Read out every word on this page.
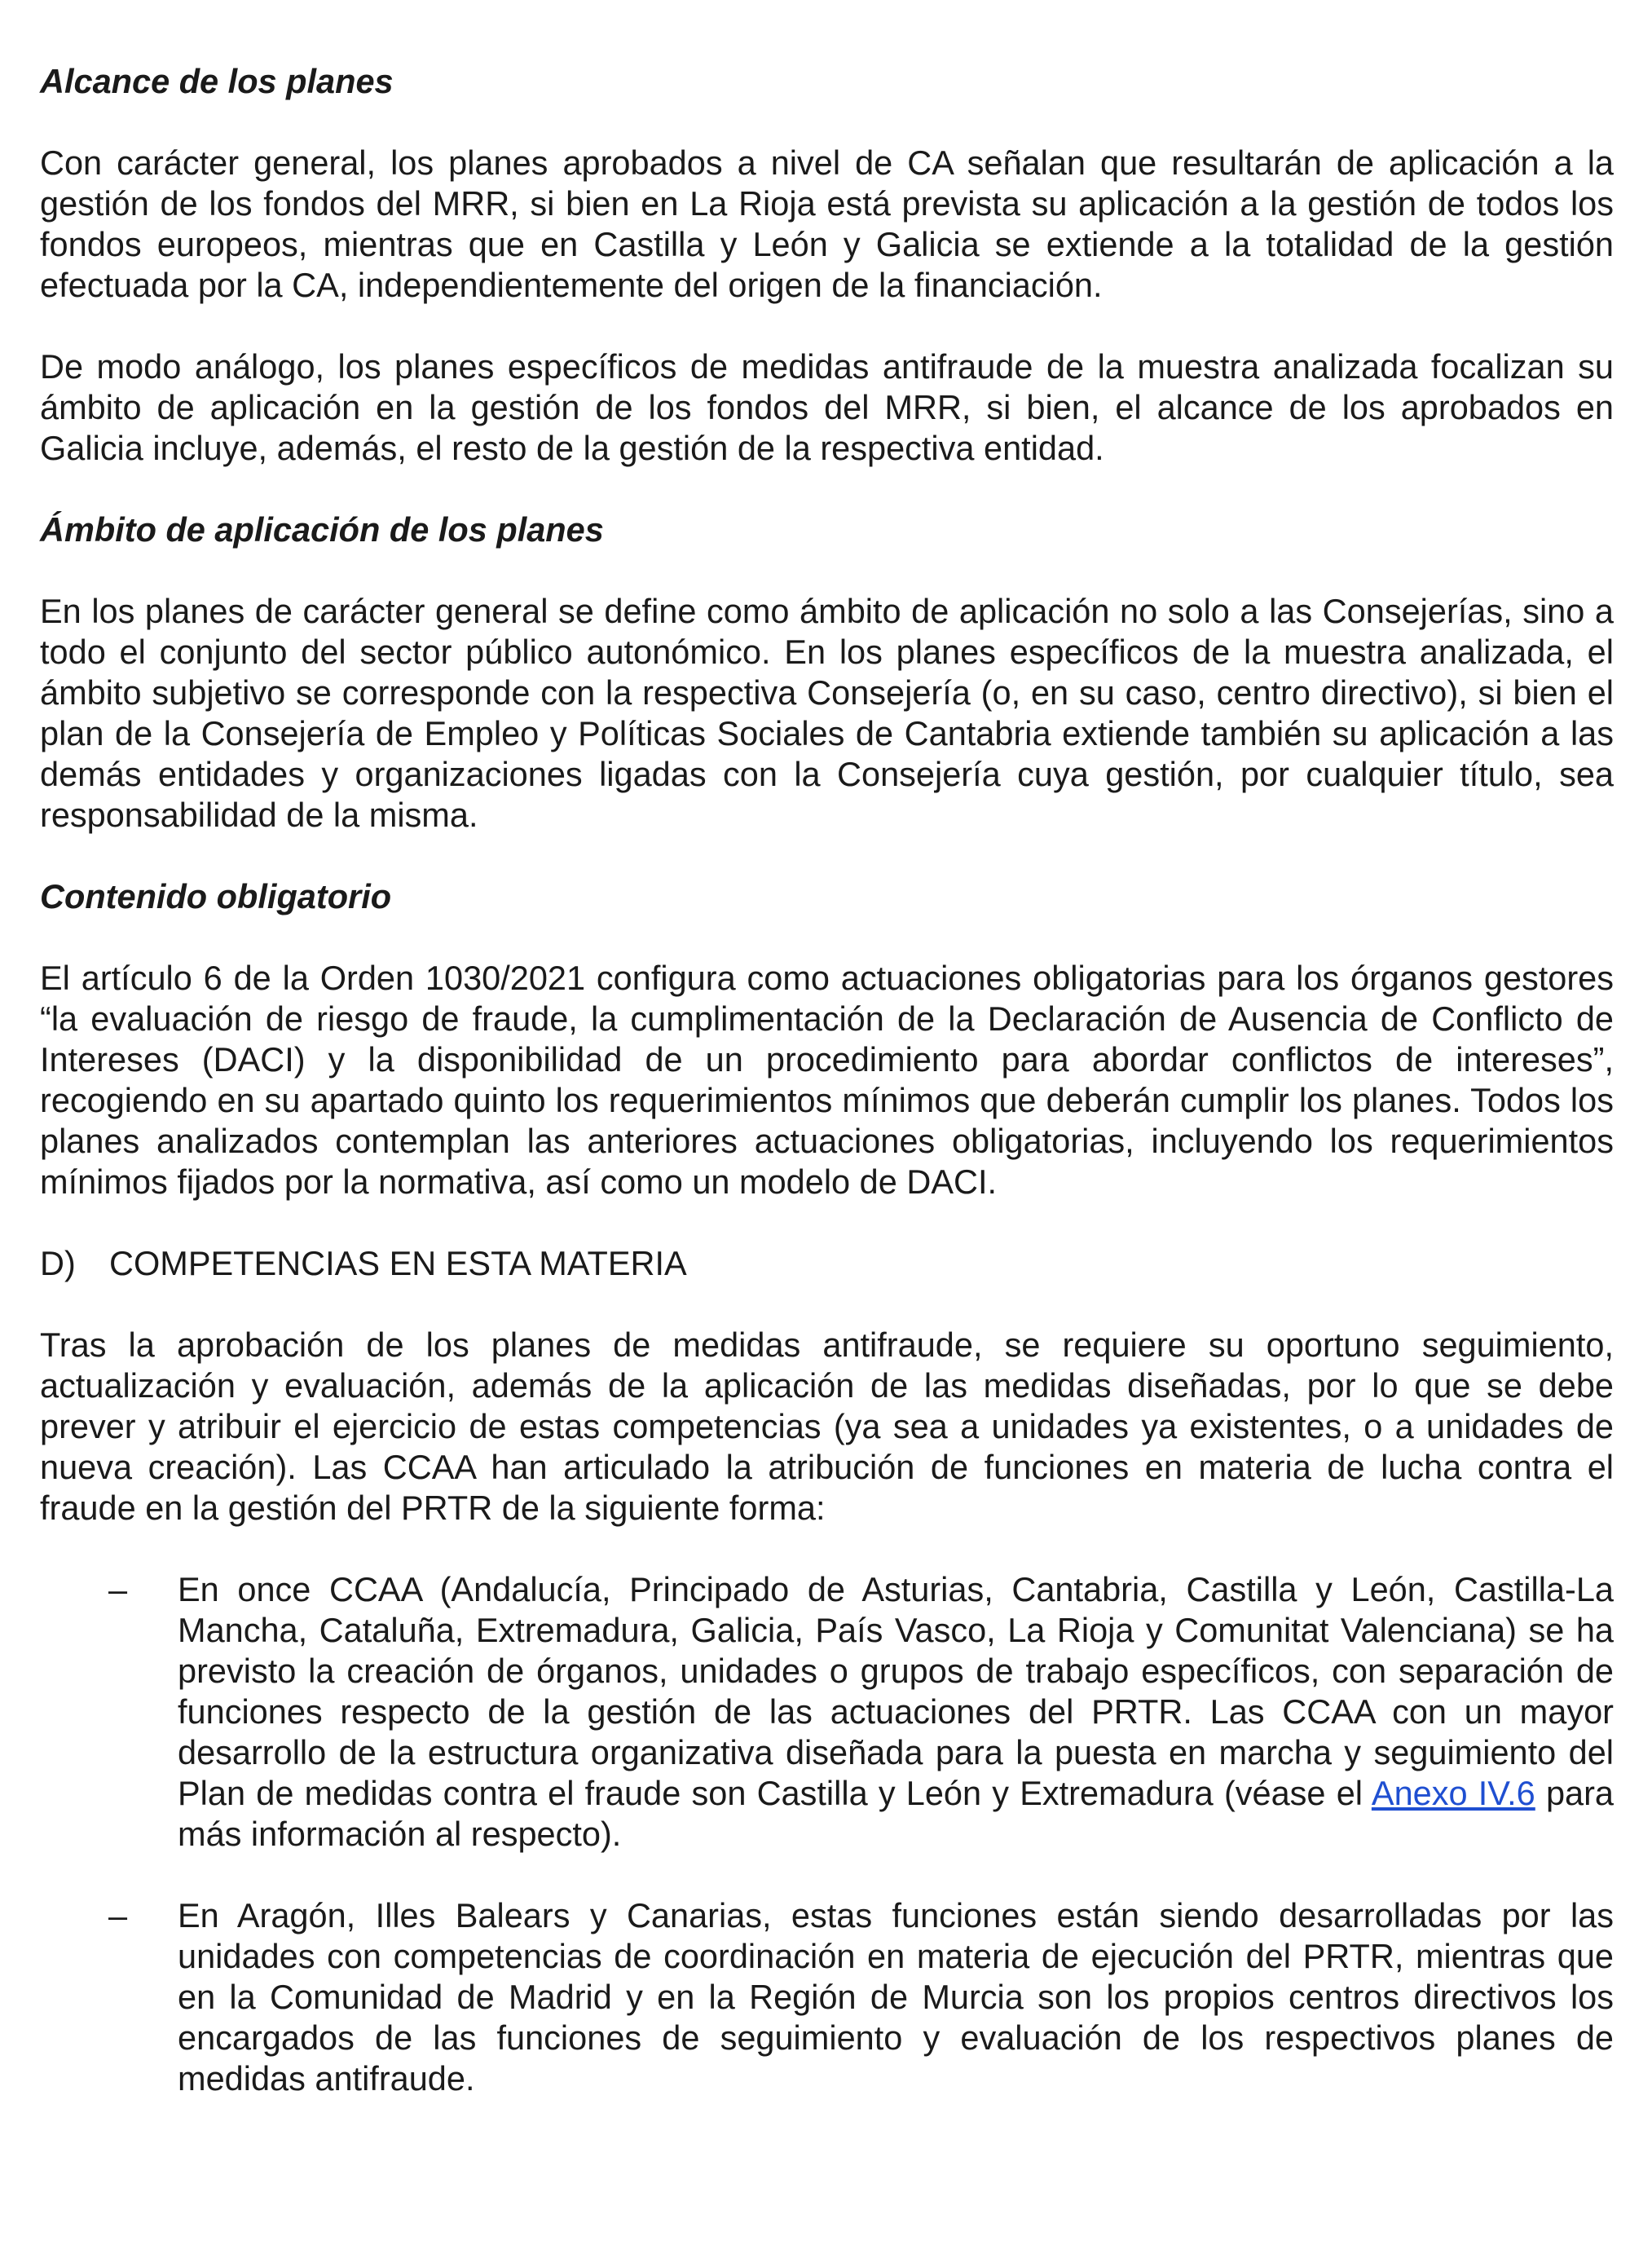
Alcance de los planes
Con carácter general, los planes aprobados a nivel de CA señalan que resultarán de aplicación a la gestión de los fondos del MRR, si bien en La Rioja está prevista su aplicación a la gestión de todos los fondos europeos, mientras que en Castilla y León y Galicia se extiende a la totalidad de la gestión efectuada por la CA, independientemente del origen de la financiación.
De modo análogo, los planes específicos de medidas antifraude de la muestra analizada focalizan su ámbito de aplicación en la gestión de los fondos del MRR, si bien, el alcance de los aprobados en Galicia incluye, además, el resto de la gestión de la respectiva entidad.
Ámbito de aplicación de los planes
En los planes de carácter general se define como ámbito de aplicación no solo a las Consejerías, sino a todo el conjunto del sector público autonómico. En los planes específicos de la muestra analizada, el ámbito subjetivo se corresponde con la respectiva Consejería (o, en su caso, centro directivo), si bien el plan de la Consejería de Empleo y Políticas Sociales de Cantabria extiende también su aplicación a las demás entidades y organizaciones ligadas con la Consejería cuya gestión, por cualquier título, sea responsabilidad de la misma.
Contenido obligatorio
El artículo 6 de la Orden 1030/2021 configura como actuaciones obligatorias para los órganos gestores “la evaluación de riesgo de fraude, la cumplimentación de la Declaración de Ausencia de Conflicto de Intereses (DACI) y la disponibilidad de un procedimiento para abordar conflictos de intereses”, recogiendo en su apartado quinto los requerimientos mínimos que deberán cumplir los planes. Todos los planes analizados contemplan las anteriores actuaciones obligatorias, incluyendo los requerimientos mínimos fijados por la normativa, así como un modelo de DACI.
D) COMPETENCIAS EN ESTA MATERIA
Tras la aprobación de los planes de medidas antifraude, se requiere su oportuno seguimiento, actualización y evaluación, además de la aplicación de las medidas diseñadas, por lo que se debe prever y atribuir el ejercicio de estas competencias (ya sea a unidades ya existentes, o a unidades de nueva creación). Las CCAA han articulado la atribución de funciones en materia de lucha contra el fraude en la gestión del PRTR de la siguiente forma:
–	En once CCAA (Andalucía, Principado de Asturias, Cantabria, Castilla y León, Castilla-La Mancha, Cataluña, Extremadura, Galicia, País Vasco, La Rioja y Comunitat Valenciana) se ha previsto la creación de órganos, unidades o grupos de trabajo específicos, con separación de funciones respecto de la gestión de las actuaciones del PRTR. Las CCAA con un mayor desarrollo de la estructura organizativa diseñada para la puesta en marcha y seguimiento del Plan de medidas contra el fraude son Castilla y León y Extremadura (véase el Anexo IV.6 para más información al respecto).
–	En Aragón, Illes Balears y Canarias, estas funciones están siendo desarrolladas por las unidades con competencias de coordinación en materia de ejecución del PRTR, mientras que en la Comunidad de Madrid y en la Región de Murcia son los propios centros directivos los encargados de las funciones de seguimiento y evaluación de los respectivos planes de medidas antifraude.
